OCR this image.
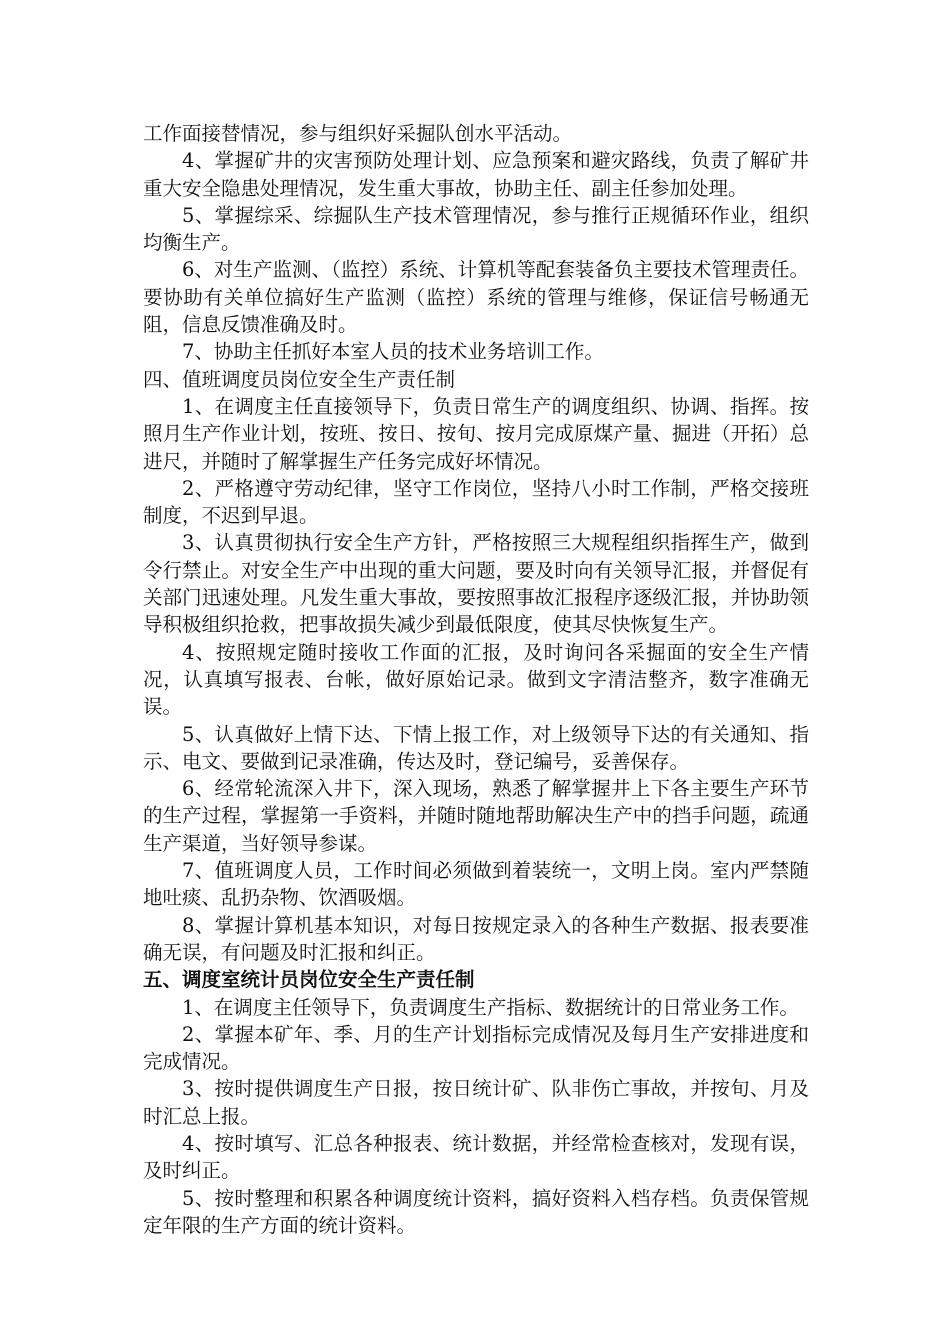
工作面接替情况，参与组织好采掘队创水平活动。

4、掌握矿井的灾害预防处理计划、应急预案和避灾路线，负责了解矿井重大安全隐患处理情况，发生重大事故，协助主任、副主任参加处理。

5、掌握综采、综掘队生产技术管理情况，参与推行正规循环作业，组织均衡生产。

6、对生产监测、（监控）系统、计算机等配套装备负主要技术管理责任。要协助有关单位搞好生产监测（监控）系统的管理与维修，保证信号畅通无阻，信息反馈准确及时。

7、协助主任抓好本室人员的技术业务培训工作。

四、值班调度员岗位安全生产责任制

1、在调度主任直接领导下，负责日常生产的调度组织、协调、指挥。按照月生产作业计划，按班、按日、按旬、按月完成原煤产量、掘进（开拓）总进尺，并随时了解掌握生产任务完成好坏情况。

2、严格遵守劳动纪律，坚守工作岗位，坚持八小时工作制，严格交接班制度，不迟到早退。

3、认真贯彻执行安全生产方针，严格按照三大规程组织指挥生产，做到令行禁止。对安全生产中出现的重大问题，要及时向有关领导汇报，并督促有关部门迅速处理。凡发生重大事故，要按照事故汇报程序逐级汇报，并协助领导积极组织抢救，把事故损失减少到最低限度，使其尽快恢复生产。

4、按照规定随时接收工作面的汇报，及时询问各采掘面的安全生产情况，认真填写报表、台帐，做好原始记录。做到文字清洁整齐，数字准确无误。

5、认真做好上情下达、下情上报工作，对上级领导下达的有关通知、指示、电文、要做到记录准确，传达及时，登记编号，妥善保存。

6、经常轮流深入井下，深入现场，熟悉了解掌握井上下各主要生产环节的生产过程，掌握第一手资料，并随时随地帮助解决生产中的挡手问题，疏通生产渠道，当好领导参谋。

7、值班调度人员，工作时间必须做到着装统一，文明上岗。室内严禁随地吐痰、乱扔杂物、饮酒吸烟。

8、掌握计算机基本知识，对每日按规定录入的各种生产数据、报表要准确无误，有问题及时汇报和纠正。

五、调度室统计员岗位安全生产责任制

1、在调度主任领导下，负责调度生产指标、数据统计的日常业务工作。

2、掌握本矿年、季、月的生产计划指标完成情况及每月生产安排进度和完成情况。

3、按时提供调度生产日报，按日统计矿、队非伤亡事故，并按旬、月及时汇总上报。

4、按时填写、汇总各种报表、统计数据，并经常检查核对，发现有误，及时纠正。

5、按时整理和积累各种调度统计资料，搞好资料入档存档。负责保管规定年限的生产方面的统计资料。
